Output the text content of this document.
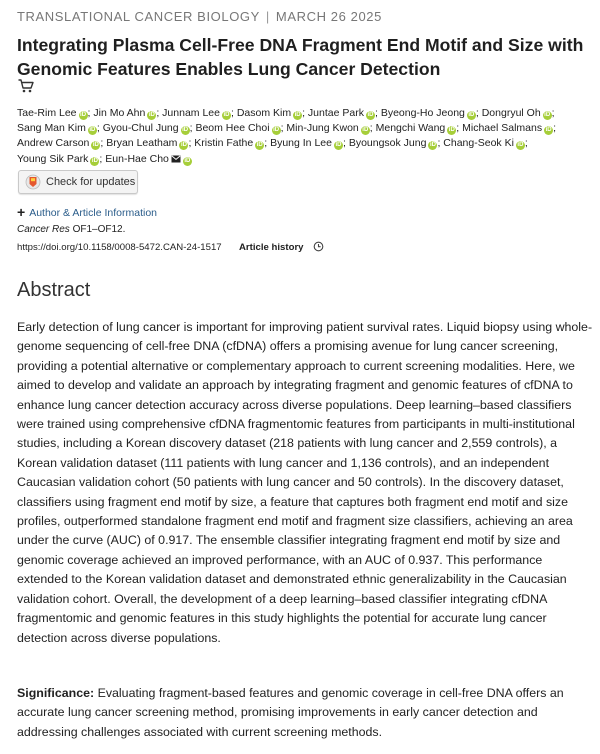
TRANSLATIONAL CANCER BIOLOGY | MARCH 26 2025
Integrating Plasma Cell-Free DNA Fragment End Motif and Size with Genomic Features Enables Lung Cancer Detection
Tae-Rim Lee iD ; Jin Mo Ahn iD ; Junnam Lee iD ; Dasom Kim iD ; Juntae Park iD ; Byeong-Ho Jeong iD ; Dongryul Oh iD ; Sang Man Kim iD ; Gyou-Chul Jung iD ; Beom Hee Choi iD ; Min-Jung Kwon iD ; Mengchi Wang iD ; Michael Salmans iD ; Andrew Carson iD ; Bryan Leatham iD ; Kristin Fathe iD ; Byung In Lee iD ; Byoungsok Jung iD ; Chang-Seok Ki iD ; Young Sik Park iD ; Eun-Hae Cho	iD
Check for updates
+ Author & Article Information
Cancer Res OF1–OF12.
https://doi.org/10.1158/0008-5472.CAN-24-1517 Article history
Abstract

Early detection of lung cancer is important for improving patient survival rates. Liquid biopsy using whole-genome sequencing of cell-free DNA (cfDNA) offers a promising avenue for lung cancer screening, providing a potential alternative or complementary approach to current screening modalities. Here, we aimed to develop and validate an approach by integrating fragment and genomic features of cfDNA to enhance lung cancer detection accuracy across diverse populations. Deep learning–based classifiers were trained using comprehensive cfDNA fragmentomic features from participants in multi-institutional studies, including a Korean discovery dataset (218 patients with lung cancer and 2,559 controls), a Korean validation dataset (111 patients with lung cancer and 1,136 controls), and an independent Caucasian validation cohort (50 patients with lung cancer and 50 controls). In the discovery dataset, classifiers using fragment end motif by size, a feature that captures both fragment end motif and size profiles, outperformed standalone fragment end motif and fragment size classifiers, achieving an area under the curve (AUC) of 0.917. The ensemble classifier integrating fragment end motif by size and genomic coverage achieved an improved performance, with an AUC of 0.937. This performance extended to the Korean validation dataset and demonstrated ethnic generalizability in the Caucasian validation cohort. Overall, the development of a deep learning–based classifier integrating cfDNA fragmentomic and genomic features in this study highlights the potential for accurate lung cancer detection across diverse populations.

Significance: Evaluating fragment-based features and genomic coverage in cell-free DNA offers an accurate lung cancer screening method, promising improvements in early cancer detection and addressing challenges associated with current screening methods.
